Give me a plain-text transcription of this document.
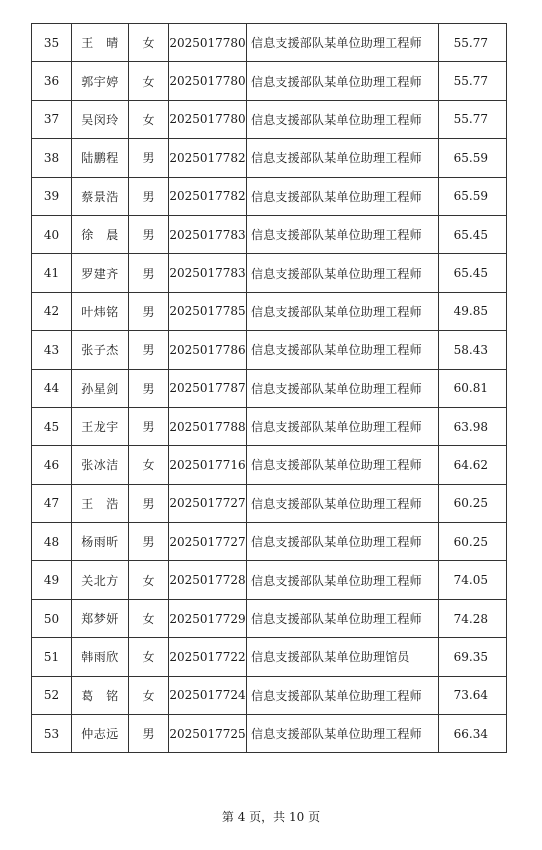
35	王　晴	女	2025017780	信息支援部队某单位助理工程师	55.77
36	郭宇婷	女	2025017780	信息支援部队某单位助理工程师	55.77
37	吴闵玲	女	2025017780	信息支援部队某单位助理工程师	55.77
38	陆鹏程	男	2025017782	信息支援部队某单位助理工程师	65.59
39	蔡景浩	男	2025017782	信息支援部队某单位助理工程师	65.59
40	徐　晨	男	2025017783	信息支援部队某单位助理工程师	65.45
41	罗建齐	男	2025017783	信息支援部队某单位助理工程师	65.45
42	叶炜铭	男	2025017785	信息支援部队某单位助理工程师	49.85
43	张子杰	男	2025017786	信息支援部队某单位助理工程师	58.43
44	孙星剑	男	2025017787	信息支援部队某单位助理工程师	60.81
45	王龙宇	男	2025017788	信息支援部队某单位助理工程师	63.98
46	张冰洁	女	2025017716	信息支援部队某单位助理工程师	64.62
47	王　浩	男	2025017727	信息支援部队某单位助理工程师	60.25
48	杨雨昕	男	2025017727	信息支援部队某单位助理工程师	60.25
49	关北方	女	2025017728	信息支援部队某单位助理工程师	74.05
50	郑梦妍	女	2025017729	信息支援部队某单位助理工程师	74.28
51	韩雨欣	女	2025017722	信息支援部队某单位助理馆员	69.35
52	葛　铭	女	2025017724	信息支援部队某单位助理工程师	73.64
53	仲志远	男	2025017725	信息支援部队某单位助理工程师	66.34
第 4 页，共 10 页
